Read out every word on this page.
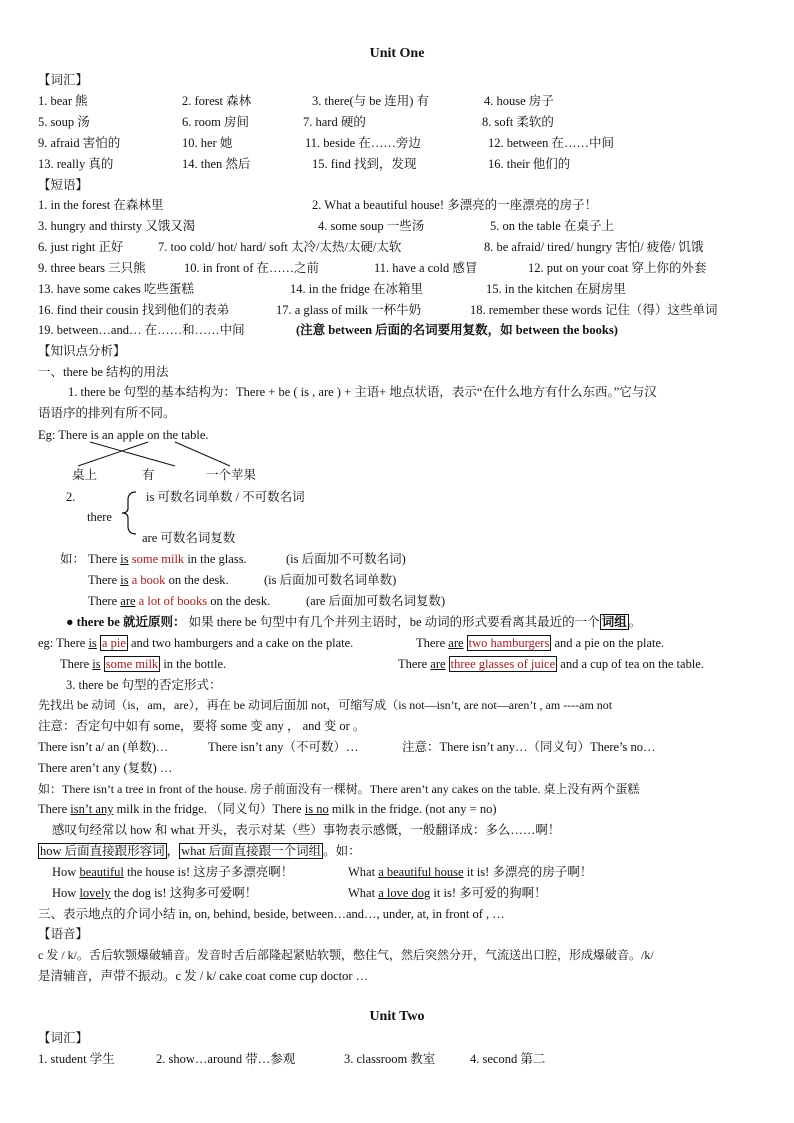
Unit One
【词汇】
1. bear 熊	2. forest 森林	3. there(与 be 连用) 有	4. house 房子
5. soup 汤	6. room 房间	7. hard 硬的	8. soft 柔软的
9. afraid 害怕的	10. her 她	11. beside 在……旁边	12. between 在……中间
13. really 真的	14. then 然后	15. find 找到，发现	16. their 他们的
【短语】
1. in the forest 在森林里	2. What a beautiful house! 多漂亮的一座漂亮的房子！
3. hungry and thirsty 又饿又渴	4. some soup 一些汤	5. on the table 在桌子上
6. just right 正好	7. too cold/ hot/ hard/ soft 太冷/太热/太硬/太软	8. be afraid/ tired/ hungry 害怕/ 疲倦/ 饥饿
9. three bears 三只熊	10. in front of 在……之前	11. have a cold 感冒	12. put on your coat 穿上你的外套
13. have some cakes 吃些蛋糕	14. in the fridge 在冰箱里	15. in the kitchen 在厨房里
16. find their cousin 找到他们的表弟	17. a glass of milk 一杯牛奶	18. remember these words 记住（得）这些单词
19. between…and… 在……和……中间	(注意 between 后面的名词要用复数，如 between the books)
【知识点分析】
一、there be 结构的用法
1. there be 句型的基本结构为：There + be ( is , are ) + 主语+ 地点状语，表示“在什么地方有什么东西。”它与汉
语语序的排列有所不同。
Eg: There is an apple on the table.
桌上	有	一个苹果
2.	is 可数名词单数 / 不可数名词
there
are 可数名词复数
如： There is some milk in the glass.	(is 后面加不可数名词)
There is a book on the desk.	(is 后面加可数名词单数)
There are a lot of books on the desk.	(are 后面加可数名词复数)
● there be 就近原则： 如果 there be 句型中有几个并列主语时，be 动词的形式要看离其最近的一个 词组 。
eg: There is a pie and two hamburgers and a cake on the plate.	There are two hamburgers and a pie on the plate.
There is some milk in the bottle.	There are three glasses of juice and a cup of tea on the table.
3. there be 句型的否定形式：
先找出 be 动词（is，am，are），再在 be 动词后面加 not，可缩写成（is not—isn’t, are not—aren’t , am ----am not
注意：否定句中如有 some，要将 some 变 any ， and 变 or 。
There isn’t a/ an (单数)…	There isn’t any（不可数）…	注意：There isn’t any…（同义句）There’s no…
There aren’t any (复数) …
如：There isn’t a tree in front of the house. 房子前面没有一棵树。There aren’t any cakes on the table. 桌上没有两个蛋糕
There isn’t any milk in the fridge. （同义句）There is no milk in the fridge. (not any = no)
感叹句经常以 how 和 what 开头，表示对某（些）事物表示感慨，一般翻译成：多么……啊！
how 后面直接跟形容词 ， what 后面直接跟一个词组 。如：
How beautiful the house is! 这房子多漂亮啊！	What a beautiful house it is! 多漂亮的房子啊！
How lovely the dog is! 这狗多可爱啊！	What a love dog it is! 多可爱的狗啊！
三、表示地点的介词小结 in, on, behind, beside, between…and…, under, at, in front of , …
【语音】
c 发 / k/。舌后软颚爆破辅音。发音时舌后部隆起紧贴软颚，憋住气，然后突然分开，气流送出口腔，形成爆破音。/k/
是清辅音，声带不振动。c 发 / k/ cake coat come cup doctor …
Unit Two
【词汇】
1. student 学生	2. show…around 带…参观	3. classroom 教室	4. second 第二
